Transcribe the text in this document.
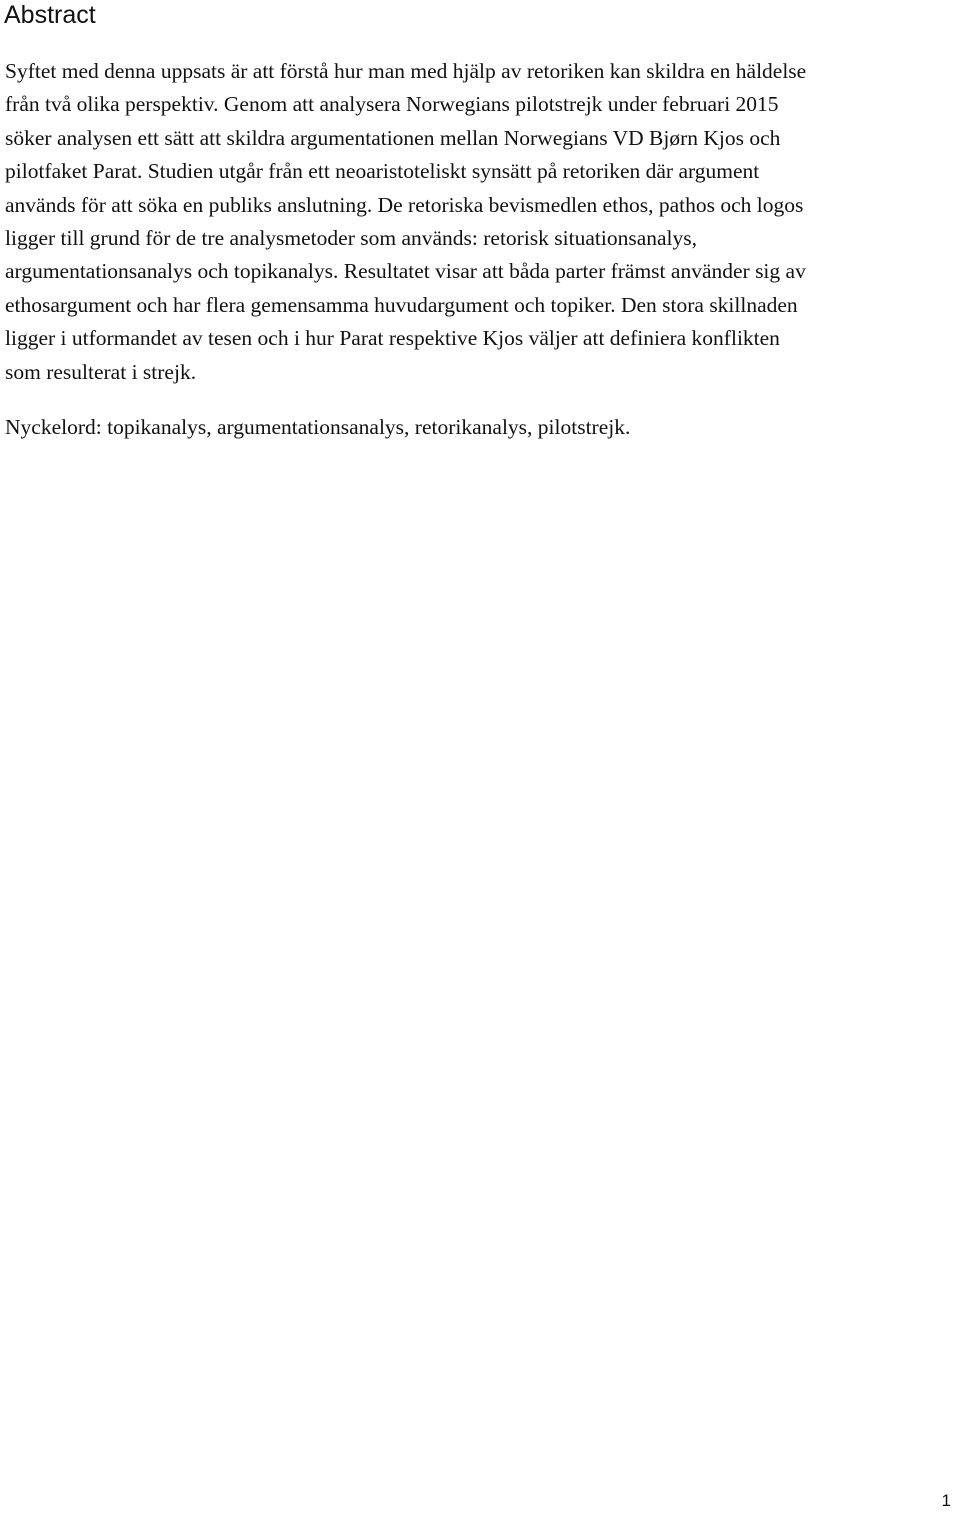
Abstract

Syftet med denna uppsats är att förstå hur man med hjälp av retoriken kan skildra en häldelse
från två olika perspektiv. Genom att analysera Norwegians pilotstrejk under februari 2015
söker analysen ett sätt att skildra argumentationen mellan Norwegians VD Bjørn Kjos och
pilotfaket Parat. Studien utgår från ett neoaristoteliskt synsätt på retoriken där argument
används för att söka en publiks anslutning. De retoriska bevismedlen ethos, pathos och logos
ligger till grund för de tre analysmetoder som används: retorisk situationsanalys,
argumentationsanalys och topikanalys. Resultatet visar att båda parter främst använder sig av
ethosargument och har flera gemensamma huvudargument och topiker. Den stora skillnaden
ligger i utformandet av tesen och i hur Parat respektive Kjos väljer att definiera konflikten
som resulterat i strejk.

Nyckelord: topikanalys, argumentationsanalys, retorikanalys, pilotstrejk.

1
